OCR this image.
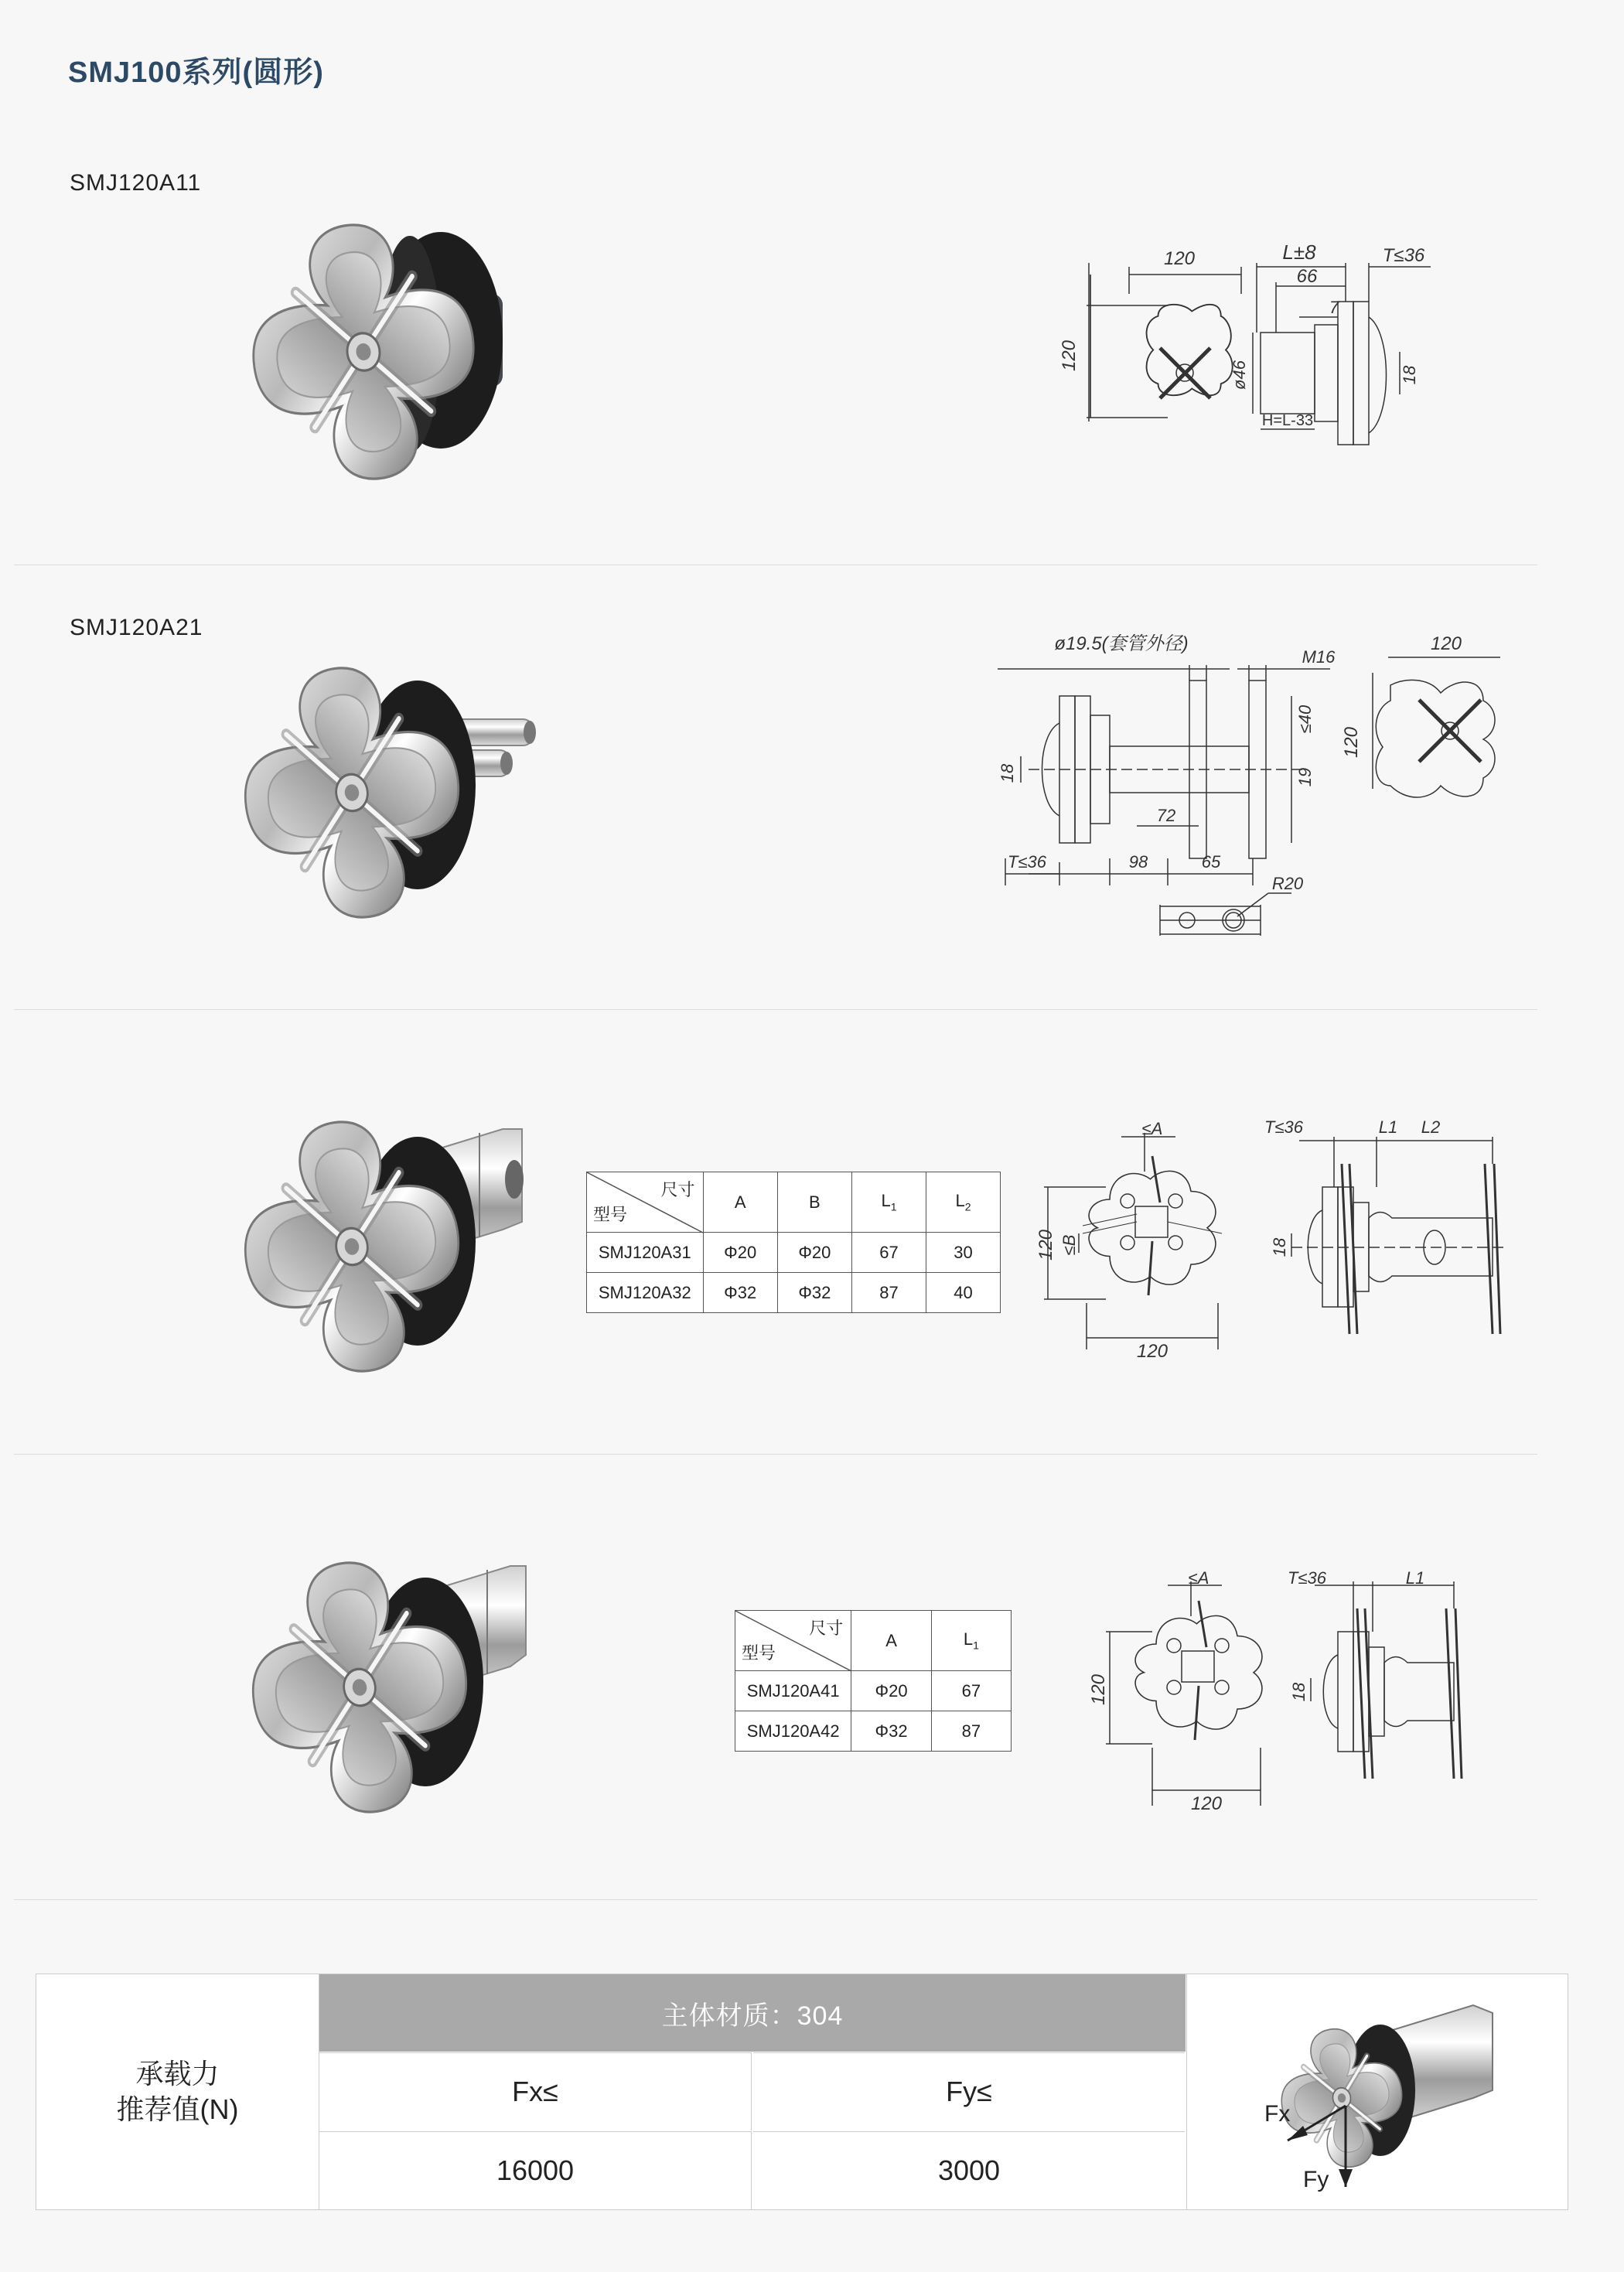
SMJ100系列(圆形)
SMJ120A11
120
120
L±8
66
T≤36
7
ø46
H=L-33
18
SMJ120A21
ø19.5(套管外径)
M16
120
120
18
≤40
19
72
T≤36	98	65
R20
尺寸
型号	A	B	$L_1$	$L_2$
SMJ120A31	Φ20	Φ20	67	30
SMJ120A32	Φ32	Φ32	87	40
≤A
≤B
120
120
T≤36	L1 L2
18
尺寸
型号	A	$L_1$
SMJ120A41	Φ20	67
SMJ120A42	Φ32	87
≤A
120
120
T≤36	L1
18
承载力
推荐值(N)
主体材质：304
Fx≤	Fy≤
16000	3000
Fx
Fy
